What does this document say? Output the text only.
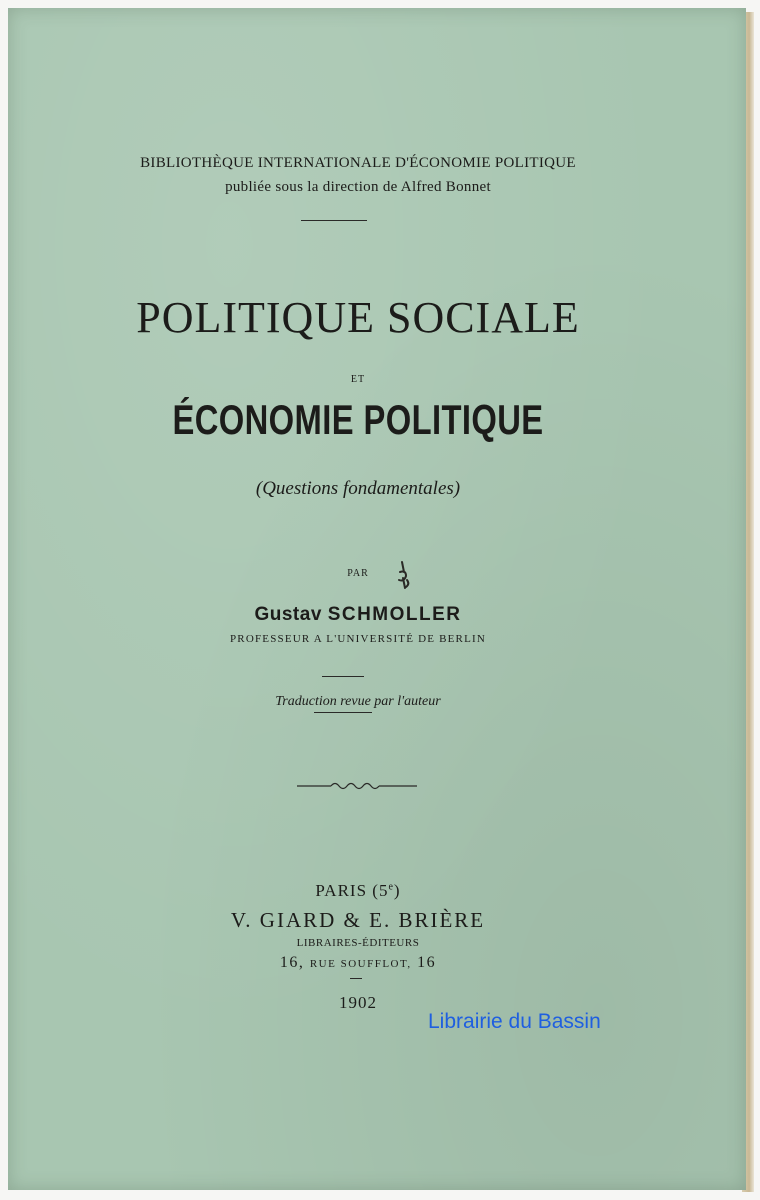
BIBLIOTHÈQUE INTERNATIONALE D'ÉCONOMIE POLITIQUE
publiée sous la direction de Alfred Bonnet
POLITIQUE SOCIALE
ET
ÉCONOMIE POLITIQUE
(Questions fondamentales)
PAR
Gustav SCHMOLLER
PROFESSEUR A L'UNIVERSITÉ DE BERLIN
Traduction revue par l'auteur
PARIS (5e)
V. GIARD & E. BRIÈRE
LIBRAIRES-ÉDITEURS
16, RUE SOUFFLOT, 16
1902
Librairie du Bassin
